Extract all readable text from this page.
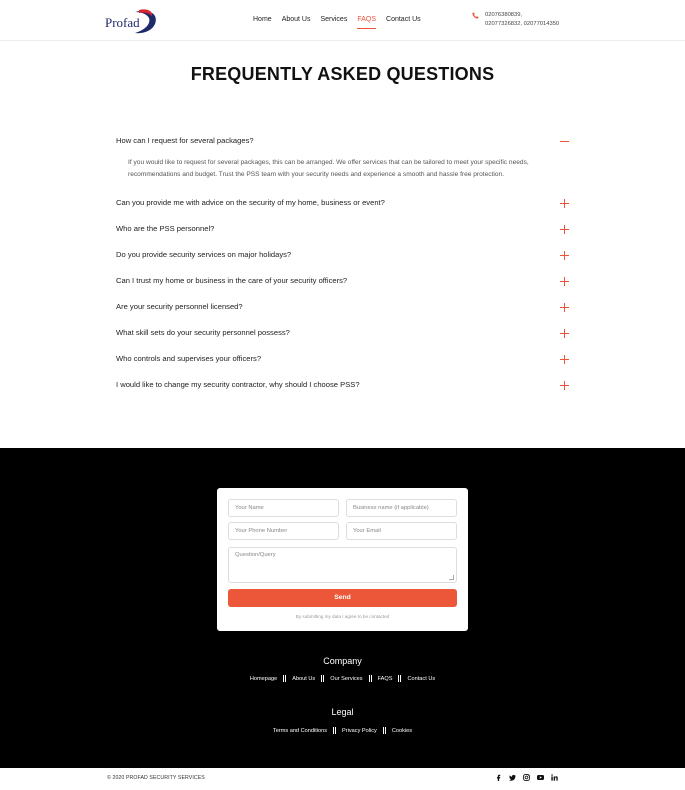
Profad	Home	About Us	Services	FAQS	Contact Us
02076380839,
02077326832, 02077014350
FREQUENTLY ASKED QUESTIONS
How can I request for several packages?
If you would like to request for several packages, this can be arranged. We offer services that can be tailored to meet your specific needs, recommendations and budget. Trust the PSS team with your security needs and experience a smooth and hassle free protection.
Can you provide me with advice on the security of my home, business or event?
Who are the PSS personnel?
Do you provide security services on major holidays?
Can I trust my home or business in the care of your security officers?
Are your security personnel licensed?
What skill sets do your security personnel possess?
Who controls and supervises your officers?
I would like to change my security contractor, why should I choose PSS?
Your Name	Business name (if applicable)
Your Phone Number	Your Email
Question/Query
Send
By submitting my data I agree to be contacted
Company
Homepage	About Us	Our Services	FAQS	Contact Us
Legal
Terms and Conditions	Privacy Policy	Cookies
© 2020 PROFAD SECURITY SERVICES
